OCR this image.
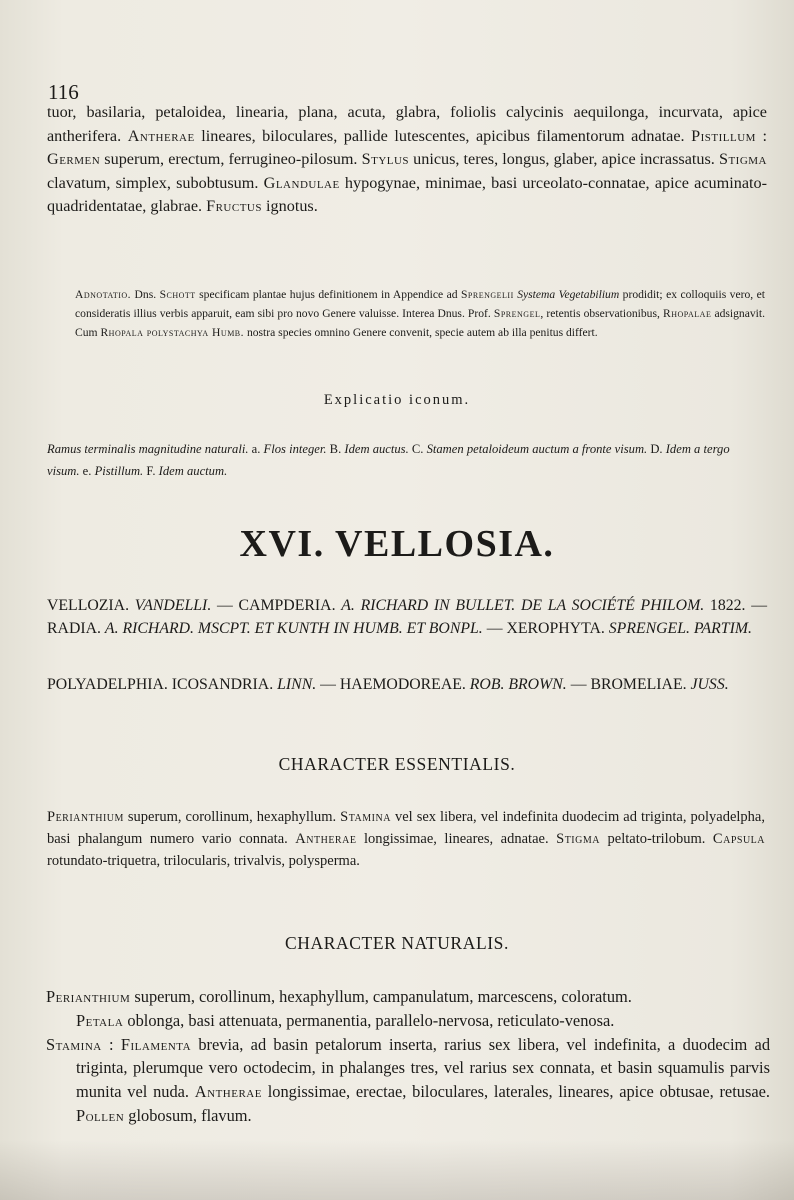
116
tuor, basilaria, petaloidea, linearia, plana, acuta, glabra, foliolis calycinis aequilonga, incurvata, apice antherifera. Antherae lineares, biloculares, pallide lutescentes, apicibus filamentorum adnatae. Pistillum : Germen superum, erectum, ferrugineo-pilosum. Stylus unicus, teres, longus, glaber, apice incrassatus. Stigma clavatum, simplex, subobtusum. Glandulae hypogynae, minimae, basi urceolato-connatae, apice acuminato-quadridentatae, glabrae. Fructus ignotus.
Adnotatio. Dns. Schott specificam plantae hujus definitionem in Appendice ad Sprengelii Systema Vegetabilium prodidit; ex colloquiis vero, et consideratis illius verbis apparuit, eam sibi pro novo Genere valuisse. Interea Dnus. Prof. Sprengel, retentis observationibus, Rhopalae adsignavit. Cum Rhopala polystachya Humb. nostra species omnino Genere convenit, specie autem ab illa penitus differt.
Explicatio iconum.
Ramus terminalis magnitudine naturali. a. Flos integer. B. Idem auctus. C. Stamen petaloideum auctum a fronte visum. D. Idem a tergo visum. e. Pistillum. F. Idem auctum.
XVI. VELLOSIA.
VELLOZIA. VANDELLI. — CAMPDERIA. A. RICHARD IN BULLET. DE LA SOCIÉTÉ PHILOM. 1822. — RADIA. A. RICHARD. MSCPT. ET KUNTH IN HUMB. ET BONPL. — XEROPHYTA. SPRENGEL. PARTIM.
POLYADELPHIA. ICOSANDRIA. LINN. — HAEMODOREAE. ROB. BROWN. — BROMELIAE. JUSS.
CHARACTER ESSENTIALIS.
Perianthium superum, corollinum, hexaphyllum. Stamina vel sex libera, vel indefinita duodecim ad triginta, polyadelpha, basi phalangum numero vario connata. Antherae longissimae, lineares, adnatae. Stigma peltato-trilobum. Capsula rotundato-triquetra, trilocularis, trivalvis, polysperma.
CHARACTER NATURALIS.
Perianthium superum, corollinum, hexaphyllum, campanulatum, marcescens, coloratum.
Petala oblonga, basi attenuata, permanentia, parallelo-nervosa, reticulato-venosa.
Stamina : Filamenta brevia, ad basin petalorum inserta, rarius sex libera, vel indefinita, a duodecim ad triginta, plerumque vero octodecim, in phalanges tres, vel rarius sex connata, et basin squamulis parvis munita vel nuda. Antherae longissimae, erectae, biloculares, laterales, lineares, apice obtusae, retusae. Pollen globosum, flavum.
